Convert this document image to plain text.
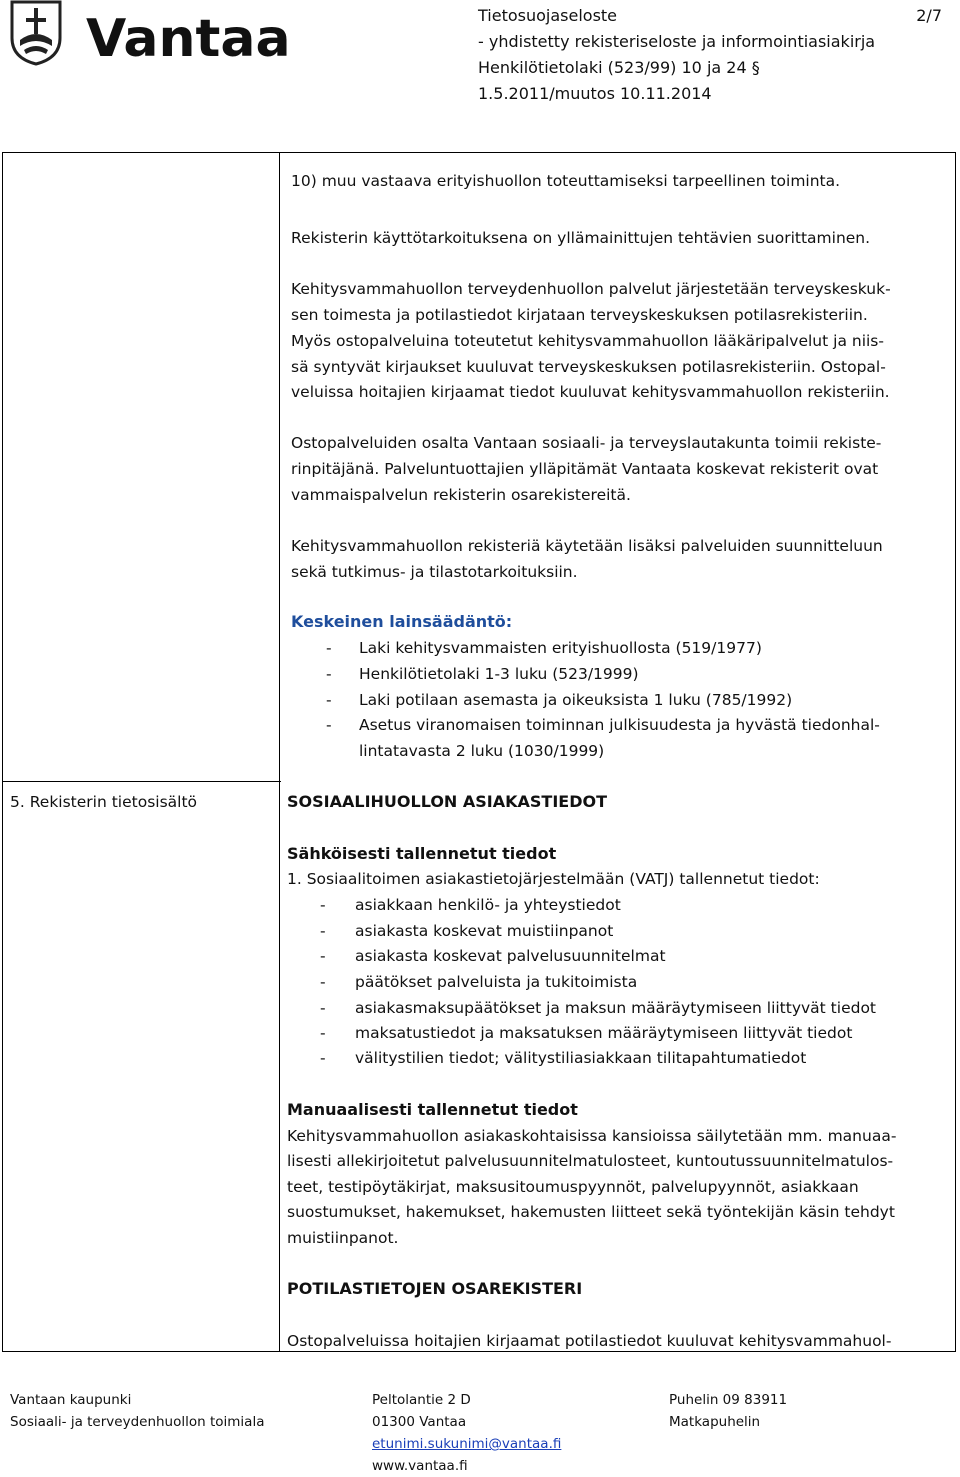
Vantaa	Tietosuojaseloste
- yhdistetty rekisteriseloste ja informointiasiakirja
Henkilötietolaki (523/99) 10 ja 24 §
1.5.2011/muutos 10.11.2014
2/7
10) muu vastaava erityishuollon toteuttamiseksi tarpeellinen toiminta.
Rekisterin käyttötarkoituksena on yllämainittujen tehtävien suorittaminen.
Kehitysvammahuollon terveydenhuollon palvelut järjestetään terveyskeskuk-
sen toimesta ja potilastiedot kirjataan terveyskeskuksen potilasrekisteriin.
Myös ostopalveluina toteutetut kehitysvammahuollon lääkäripalvelut ja niis-
sä syntyvät kirjaukset kuuluvat terveyskeskuksen potilasrekisteriin. Ostopal-
veluissa hoitajien kirjaamat tiedot kuuluvat kehitysvammahuollon rekisteriin.
Ostopalveluiden osalta Vantaan sosiaali- ja terveyslautakunta toimii rekiste-
rinpitäjänä. Palveluntuottajien ylläpitämät Vantaata koskevat rekisterit ovat
vammaispalvelun rekisterin osarekistereitä.
Kehitysvammahuollon rekisteriä käytetään lisäksi palveluiden suunnitteluun
sekä tutkimus- ja tilastotarkoituksiin.
Keskeinen lainsäädäntö:
- Laki kehitysvammaisten erityishuollosta (519/1977)
- Henkilötietolaki 1-3 luku (523/1999)
- Laki potilaan asemasta ja oikeuksista 1 luku (785/1992)
- Asetus viranomaisen toiminnan julkisuudesta ja hyvästä tiedonhal-
lintatavasta 2 luku (1030/1999)
5. Rekisterin tietosisältö	SOSIAALIHUOLLON ASIAKASTIEDOT
Sähköisesti tallennetut tiedot
1. Sosiaalitoimen asiakastietojärjestelmään (VATJ) tallennetut tiedot:
- asiakkaan henkilö- ja yhteystiedot
- asiakasta koskevat muistiinpanot
- asiakasta koskevat palvelusuunnitelmat
- päätökset palveluista ja tukitoimista
- asiakasmaksupäätökset ja maksun määräytymiseen liittyvät tiedot
- maksatustiedot ja maksatuksen määräytymiseen liittyvät tiedot
- välitystilien tiedot; välitystiliasiakkaan tilitapahtumatiedot
Manuaalisesti tallennetut tiedot
Kehitysvammahuollon asiakaskohtaisissa kansioissa säilytetään mm. manuaa-
lisesti allekirjoitetut palvelusuunnitelmatulosteet, kuntoutussuunnitelmatulos-
teet, testipöytäkirjat, maksusitoumuspyynnöt, palvelupyynnöt, asiakkaan
suostumukset, hakemukset, hakemusten liitteet sekä työntekijän käsin tehdyt
muistiinpanot.
POTILASTIETOJEN OSAREKISTERI
Ostopalveluissa hoitajien kirjaamat potilastiedot kuuluvat kehitysvammahuol-
Vantaan kaupunki
Sosiaali- ja terveydenhuollon toimiala
Peltolantie 2 D
01300 Vantaa
etunimi.sukunimi@vantaa.fi
www.vantaa.fi
Puhelin 09 83911
Matkapuhelin
